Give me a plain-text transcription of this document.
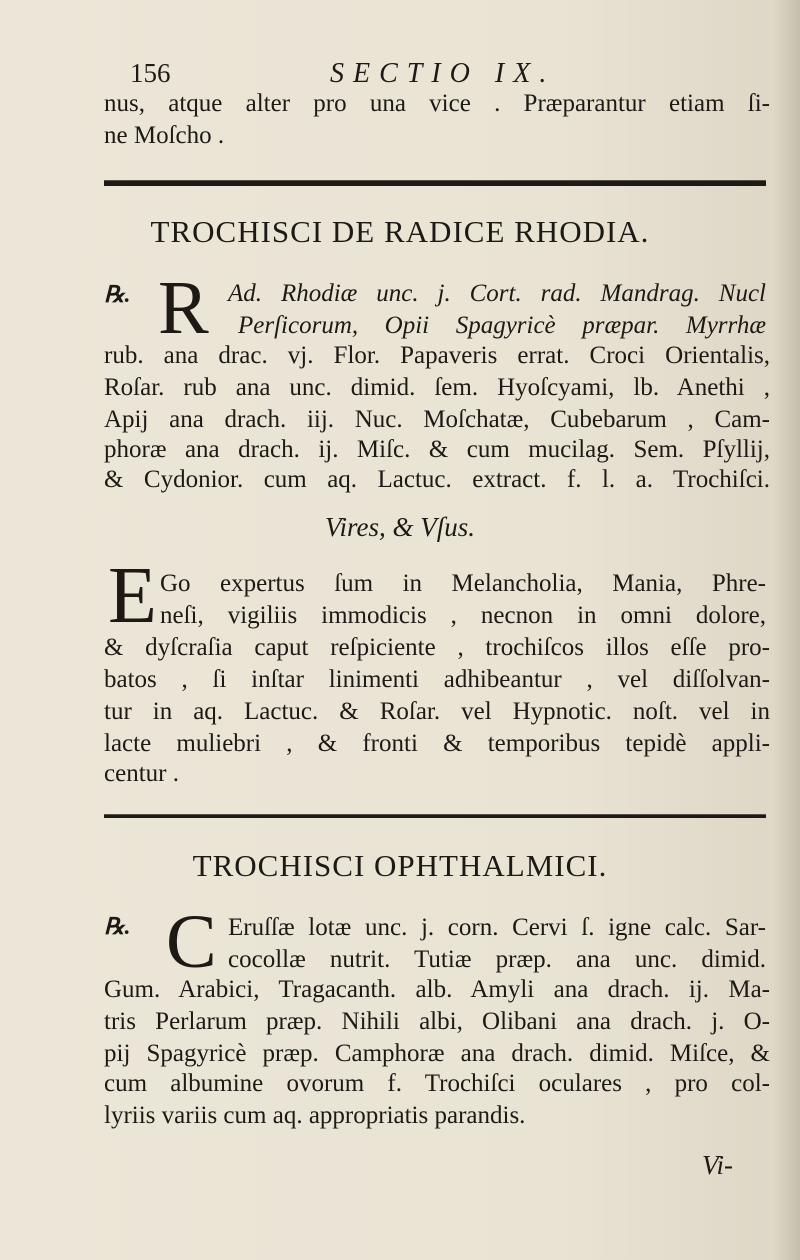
156	SECTIO IX.
nus, atque alter pro una vice . Præparantur etiam ſi-
ne Moſcho .
TROCHISCI DE RADICE RHODIA.
℞. R Ad. Rhodiæ unc. j. Cort. rad. Mandrag. Nucl
Perſicorum, Opii Spagyricè præpar. Myrrhæ
rub. ana drac. vj. Flor. Papaveris errat. Croci Orientalis,
Roſar. rub ana unc. dimid. ſem. Hyoſcyami, lb. Anethi ,
Apij ana drach. iij. Nuc. Moſchatæ, Cubebarum , Cam-
phoræ ana drach. ij. Miſc. & cum mucilag. Sem. Pſyllij,
& Cydonior. cum aq. Lactuc. extract. f. l. a. Trochiſci.
Vires, & Vſus.
E Go expertus ſum in Melancholia, Mania, Phre-
neſi, vigiliis immodicis , necnon in omni dolore,
& dyſcraſia caput reſpiciente , trochiſcos illos eſſe pro-
batos , ſi inſtar linimenti adhibeantur , vel diſſolvan-
tur in aq. Lactuc. & Roſar. vel Hypnotic. noſt. vel in
lacte muliebri , & fronti & temporibus tepidè appli-
centur .
TROCHISCI OPHTHALMICI.
℞. C Eruſſæ lotæ unc. j. corn. Cervi ſ. igne calc. Sar-
cocollæ nutrit. Tutiæ præp. ana unc. dimid.
Gum. Arabici, Tragacanth. alb. Amyli ana drach. ij. Ma-
tris Perlarum præp. Nihili albi, Olibani ana drach. j. O-
pij Spagyricè præp. Camphoræ ana drach. dimid. Miſce, &
cum albumine ovorum f. Trochiſci oculares , pro col-
lyriis variis cum aq. appropriatis parandis.
Vi-
